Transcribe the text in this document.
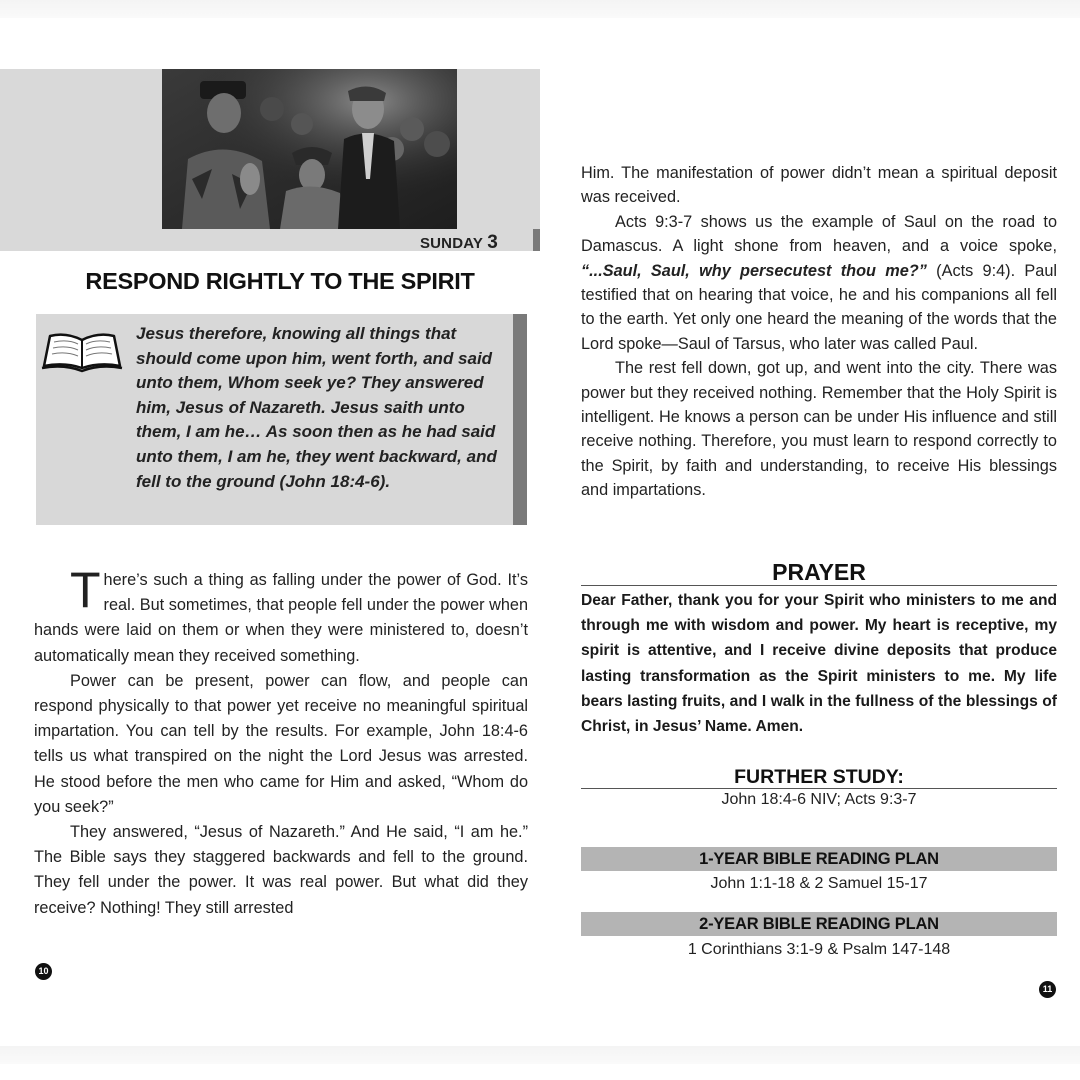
SUNDAY 3
RESPOND RIGHTLY TO THE SPIRIT
Jesus therefore, knowing all things that should come upon him, went forth, and said unto them, Whom seek ye? They answered him, Jesus of Nazareth. Jesus saith unto them, I am he… As soon then as he had said unto them, I am he, they went backward, and fell to the ground (John 18:4-6).

There’s such a thing as falling under the power of God. It’s real. But sometimes, that people fell under the power when hands were laid on them or when they were ministered to, doesn’t automatically mean they received something.

Power can be present, power can flow, and people can respond physically to that power yet receive no meaningful spiritual impartation. You can tell by the results. For example, John 18:4-6 tells us what transpired on the night the Lord Jesus was arrested. He stood before the men who came for Him and asked, “Whom do you seek?”

They answered, “Jesus of Nazareth.” And He said, “I am he.” The Bible says they staggered backwards and fell to the ground. They fell under the power. It was real power. But what did they receive? Nothing! They still arrested

10

Him. The manifestation of power didn’t mean a spiritual deposit was received.

Acts 9:3-7 shows us the example of Saul on the road to Damascus. A light shone from heaven, and a voice spoke, “...Saul, Saul, why persecutest thou me?” (Acts 9:4). Paul testified that on hearing that voice, he and his companions all fell to the earth. Yet only one heard the meaning of the words that the Lord spoke—Saul of Tarsus, who later was called Paul.

The rest fell down, got up, and went into the city. There was power but they received nothing. Remember that the Holy Spirit is intelligent. He knows a person can be under His influence and still receive nothing. Therefore, you must learn to respond correctly to the Spirit, by faith and understanding, to receive His blessings and impartations.

PRAYER
Dear Father, thank you for your Spirit who ministers to me and through me with wisdom and power. My heart is receptive, my spirit is attentive, and I receive divine deposits that produce lasting transformation as the Spirit ministers to me. My life bears lasting fruits, and I walk in the fullness of the blessings of Christ, in Jesus’ Name. Amen.
FURTHER STUDY:
John 18:4-6 NIV; Acts 9:3-7
1-YEAR BIBLE READING PLAN
John 1:1-18 & 2 Samuel 15-17
2-YEAR BIBLE READING PLAN
1 Corinthians 3:1-9 & Psalm 147-148
11
